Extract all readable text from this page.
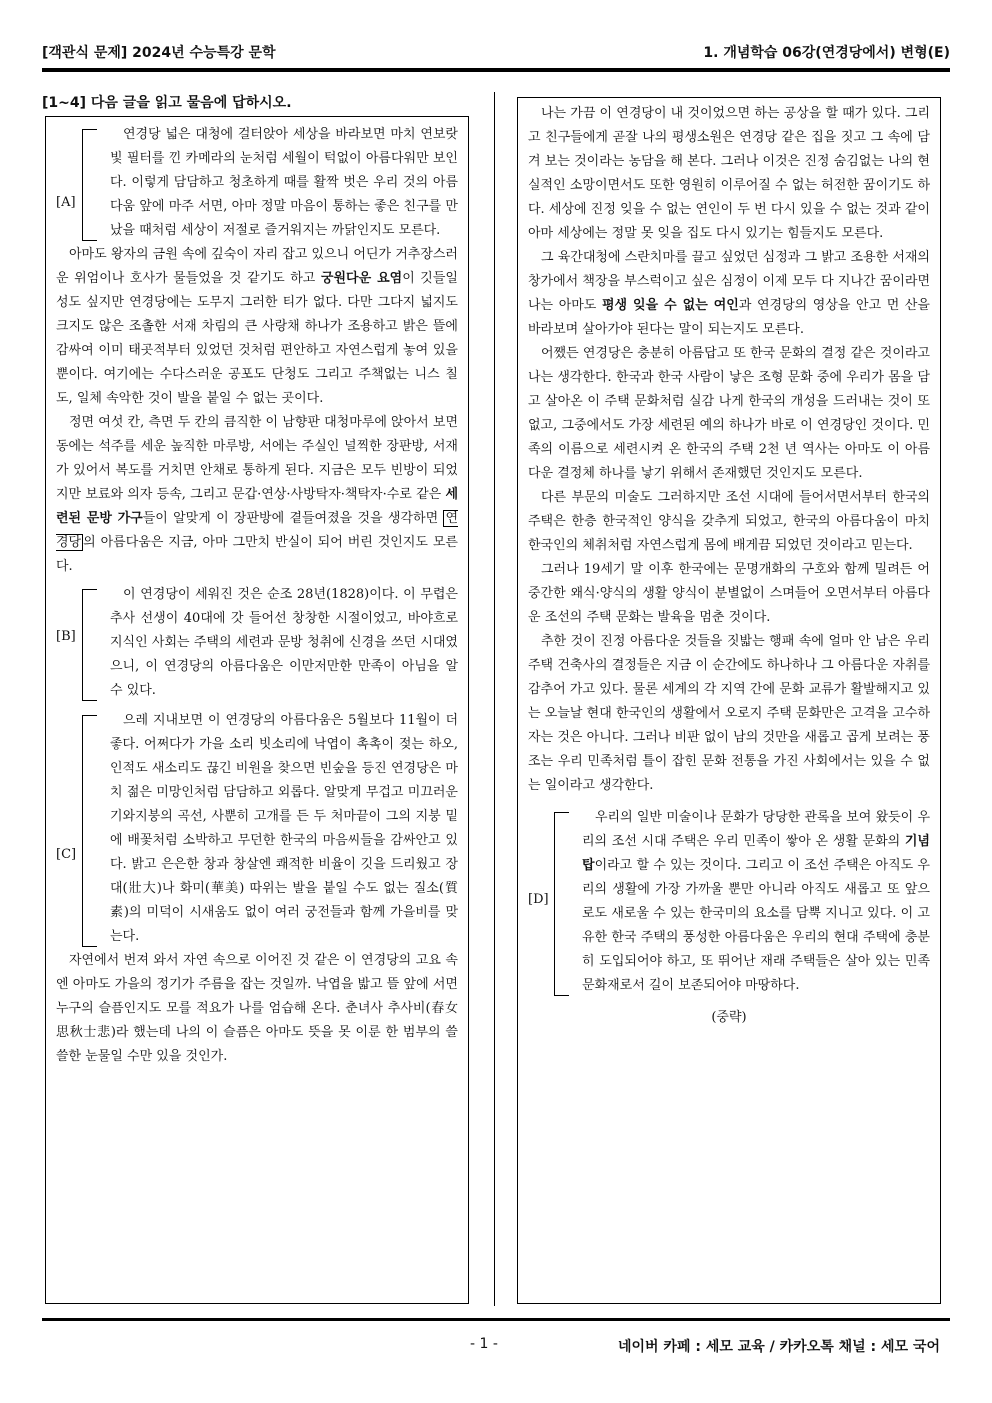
[객관식 문제] 2024년 수능특강 문학	1. 개념학습 06강(연경당에서) 변형(E)
[1~4] 다음 글을 읽고 물음에 답하시오.
[A]

연경당 넓은 대청에 걸터앉아 세상을 바라보면 마치 연보랏빛 필터를 낀 카메라의 눈처럼 세월이 턱없이 아름다워만 보인다. 이렇게 담담하고 청초하게 때를 활짝 벗은 우리 것의 아름다움 앞에 마주 서면, 아마 정말 마음이 통하는 좋은 친구를 만났을 때처럼 세상이 저절로 즐거워지는 까닭인지도 모른다.

아마도 왕자의 금원 속에 깊숙이 자리 잡고 있으니 어딘가 거추장스러운 위엄이나 호사가 물들었을 것 같기도 하고 궁원다운 요염이 깃들일 성도 싶지만 연경당에는 도무지 그러한 티가 없다. 다만 그다지 넓지도 크지도 않은 조촐한 서재 차림의 큰 사랑채 하나가 조용하고 밝은 뜰에 감싸여 이미 태곳적부터 있었던 것처럼 편안하고 자연스럽게 놓여 있을 뿐이다. 여기에는 수다스러운 공포도 단청도 그리고 주책없는 니스 칠도, 일체 속악한 것이 발을 붙일 수 없는 곳이다.

정면 여섯 칸, 측면 두 칸의 큼직한 이 남향판 대청마루에 앉아서 보면 동에는 석주를 세운 높직한 마루방, 서에는 주실인 널찍한 장판방, 서재가 있어서 복도를 거치면 안채로 통하게 된다. 지금은 모두 빈방이 되었지만 보료와 의자 등속, 그리고 문갑·연상·사방탁자·책탁자·수로 같은 세련된 문방 가구들이 알맞게 이 장판방에 곁들여졌을 것을 생각하면 연경당 의 아름다움은 지금, 아마 그만치 반실이 되어 버린 것인지도 모른다.

[B]

이 연경당이 세워진 것은 순조 28년(1828)이다. 이 무렵은 추사 선생이 40대에 갓 들어선 창창한 시절이었고, 바야흐로 지식인 사회는 주택의 세련과 문방 청취에 신경을 쓰던 시대였으니, 이 연경당의 아름다움은 이만저만한 만족이 아님을 알 수 있다.

[C]

으레 지내보면 이 연경당의 아름다움은 5월보다 11월이 더 좋다. 어쩌다가 가을 소리 빗소리에 낙엽이 촉촉이 젖는 하오, 인적도 새소리도 끊긴 비원을 찾으면 빈숲을 등진 연경당은 마치 젊은 미망인처럼 담담하고 외롭다. 알맞게 무겁고 미끄러운 기와지붕의 곡선, 사뿐히 고개를 든 두 처마끝이 그의 지붕 밑에 배꽃처럼 소박하고 무던한 한국의 마음씨들을 감싸안고 있다. 밝고 은은한 창과 창살엔 쾌적한 비율이 깃을 드리웠고 장대(壯大)나 화미(華美) 따위는 발을 붙일 수도 없는 질소(質素)의 미덕이 시새움도 없이 여러 궁전들과 함께 가을비를 맞는다.

자연에서 번져 와서 자연 속으로 이어진 것 같은 이 연경당의 고요 속엔 아마도 가을의 정기가 주름을 잡는 것일까. 낙엽을 밟고 뜰 앞에 서면 누구의 슬픔인지도 모를 적요가 나를 엄습해 온다. 춘녀사 추사비(春女思秋士悲)라 했는데 나의 이 슬픔은 아마도 뜻을 못 이룬 한 범부의 쓸쓸한 눈물일 수만 있을 것인가.

나는 가끔 이 연경당이 내 것이었으면 하는 공상을 할 때가 있다. 그리고 친구들에게 곧잘 나의 평생소원은 연경당 같은 집을 짓고 그 속에 담겨 보는 것이라는 농담을 해 본다. 그러나 이것은 진정 숨김없는 나의 현실적인 소망이면서도 또한 영원히 이루어질 수 없는 허전한 꿈이기도 하다. 세상에 진정 잊을 수 없는 연인이 두 번 다시 있을 수 없는 것과 같이 아마 세상에는 정말 못 잊을 집도 다시 있기는 힘들지도 모른다.

그 육간대청에 스란치마를 끌고 싶었던 심정과 그 밝고 조용한 서재의 창가에서 책장을 부스럭이고 싶은 심정이 이제 모두 다 지나간 꿈이라면 나는 아마도 평생 잊을 수 없는 여인과 연경당의 영상을 안고 먼 산을 바라보며 살아가야 된다는 말이 되는지도 모른다.

어쨌든 연경당은 충분히 아름답고 또 한국 문화의 결정 같은 것이라고 나는 생각한다. 한국과 한국 사람이 낳은 조형 문화 중에 우리가 몸을 담고 살아온 이 주택 문화처럼 실감 나게 한국의 개성을 드러내는 것이 또 없고, 그중에서도 가장 세련된 예의 하나가 바로 이 연경당인 것이다. 민족의 이름으로 세련시켜 온 한국의 주택 2천 년 역사는 아마도 이 아름다운 결정체 하나를 낳기 위해서 존재했던 것인지도 모른다.

다른 부문의 미술도 그러하지만 조선 시대에 들어서면서부터 한국의 주택은 한층 한국적인 양식을 갖추게 되었고, 한국의 아름다움이 마치 한국인의 체취처럼 자연스럽게 몸에 배게끔 되었던 것이라고 믿는다.

그러나 19세기 말 이후 한국에는 문명개화의 구호와 함께 밀려든 어중간한 왜식·양식의 생활 양식이 분별없이 스며들어 오면서부터 아름다운 조선의 주택 문화는 발육을 멈춘 것이다.

추한 것이 진정 아름다운 것들을 짓밟는 행패 속에 얼마 안 남은 우리 주택 건축사의 결정들은 지금 이 순간에도 하나하나 그 아름다운 자취를 감추어 가고 있다. 물론 세계의 각 지역 간에 문화 교류가 활발해지고 있는 오늘날 현대 한국인의 생활에서 오로지 주택 문화만은 고격을 고수하자는 것은 아니다. 그러나 비판 없이 남의 것만을 새롭고 곱게 보려는 풍조는 우리 민족처럼 틀이 잡힌 문화 전통을 가진 사회에서는 있을 수 없는 일이라고 생각한다.

[D]

우리의 일반 미술이나 문화가 당당한 관록을 보여 왔듯이 우리의 조선 시대 주택은 우리 민족이 쌓아 온 생활 문화의 기념탑이라고 할 수 있는 것이다. 그리고 이 조선 주택은 아직도 우리의 생활에 가장 가까울 뿐만 아니라 아직도 새롭고 또 앞으로도 새로울 수 있는 한국미의 요소를 담뿍 지니고 있다. 이 고유한 한국 주택의 풍성한 아름다움은 우리의 현대 주택에 충분히 도입되어야 하고, 또 뛰어난 재래 주택들은 살아 있는 민족 문화재로서 길이 보존되어야 마땅하다.

(중략)

- 1 -	네이버 카페 : 세모 교육 / 카카오톡 채널 : 세모 국어
